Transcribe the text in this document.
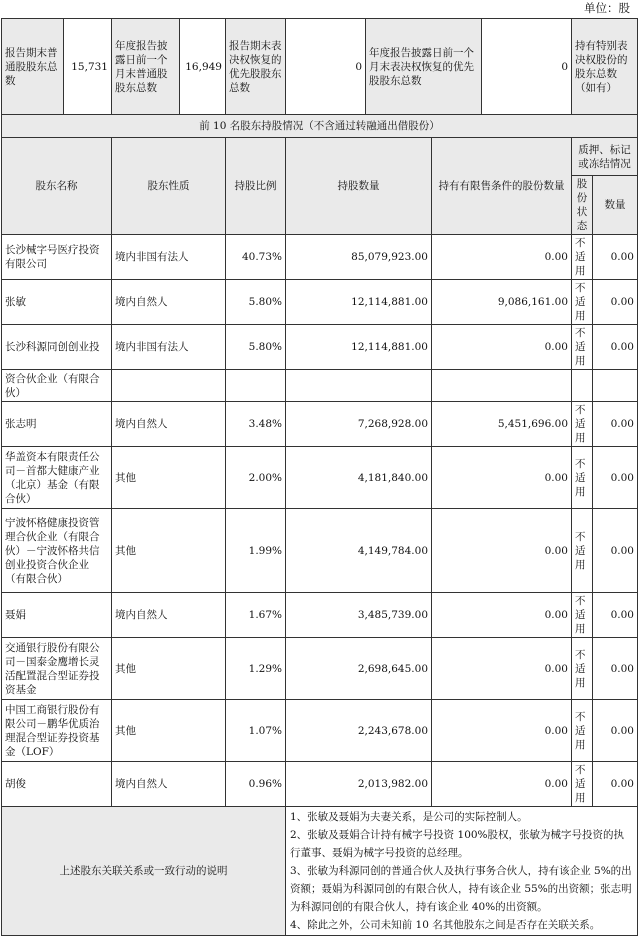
单位：股
报告期末普通股股东总数	15,731	年度报告披露日前一个月末普通股股东总数	16,949	报告期末表决权恢复的优先股股东总数	0	年度报告披露日前一个月末表决权恢复的优先股股东总数		0	持有特别表决权股份的股东总数（如有）	
前 10 名股东持股情况（不含通过转融通出借股份）										
股东名称		股东性质		持股比例	持股数量		持有有限售条件的股份数量		质押、标记或冻结情况	
									股份状态	数量
长沙械字号医疗投资有限公司		境内非国有法人		40.73%	85,079,923.00		0.00		不适用	0.00
张敏		境内自然人		5.80%	12,114,881.00		9,086,161.00		不适用	0.00
长沙科源同创创业投		境内非国有法人		5.80%	12,114,881.00		0.00		不适用	0.00
资合伙企业（有限合伙）										
张志明		境内自然人		3.48%	7,268,928.00		5,451,696.00		不适用	0.00
华盖资本有限责任公司－首都大健康产业（北京）基金（有限合伙）		其他		2.00%	4,181,840.00		0.00		不适用	0.00
宁波怀格健康投资管理合伙企业（有限合伙）－宁波怀格共信创业投资合伙企业（有限合伙）		其他		1.99%	4,149,784.00		0.00		不适用	0.00
聂娟		境内自然人		1.67%	3,485,739.00		0.00		不适用	0.00
交通银行股份有限公司－国泰金鹰增长灵活配置混合型证券投资基金		其他		1.29%	2,698,645.00		0.00		不适用	0.00
中国工商银行股份有限公司－鹏华优质治理混合型证券投资基金（LOF）		其他		1.07%	2,243,678.00		0.00		不适用	0.00
胡俊		境内自然人		0.96%	2,013,982.00		0.00		不适用	0.00
上述股东关联关系或一致行动的说明					1、张敏及聂娟为夫妻关系，是公司的实际控制人。
2、张敏及聂娟合计持有械字号投资 100%股权，张敏为械字号投资的执行董事、聂娟为械字号投资的总经理。
3、张敏为科源同创的普通合伙人及执行事务合伙人，持有该企业 5%的出资额；聂娟为科源同创的有限合伙人，持有该企业 55%的出资额；张志明为科源同创的有限合伙人，持有该企业 40%的出资额。
4、除此之外，公司未知前 10 名其他股东之间是否存在关联关系。					
